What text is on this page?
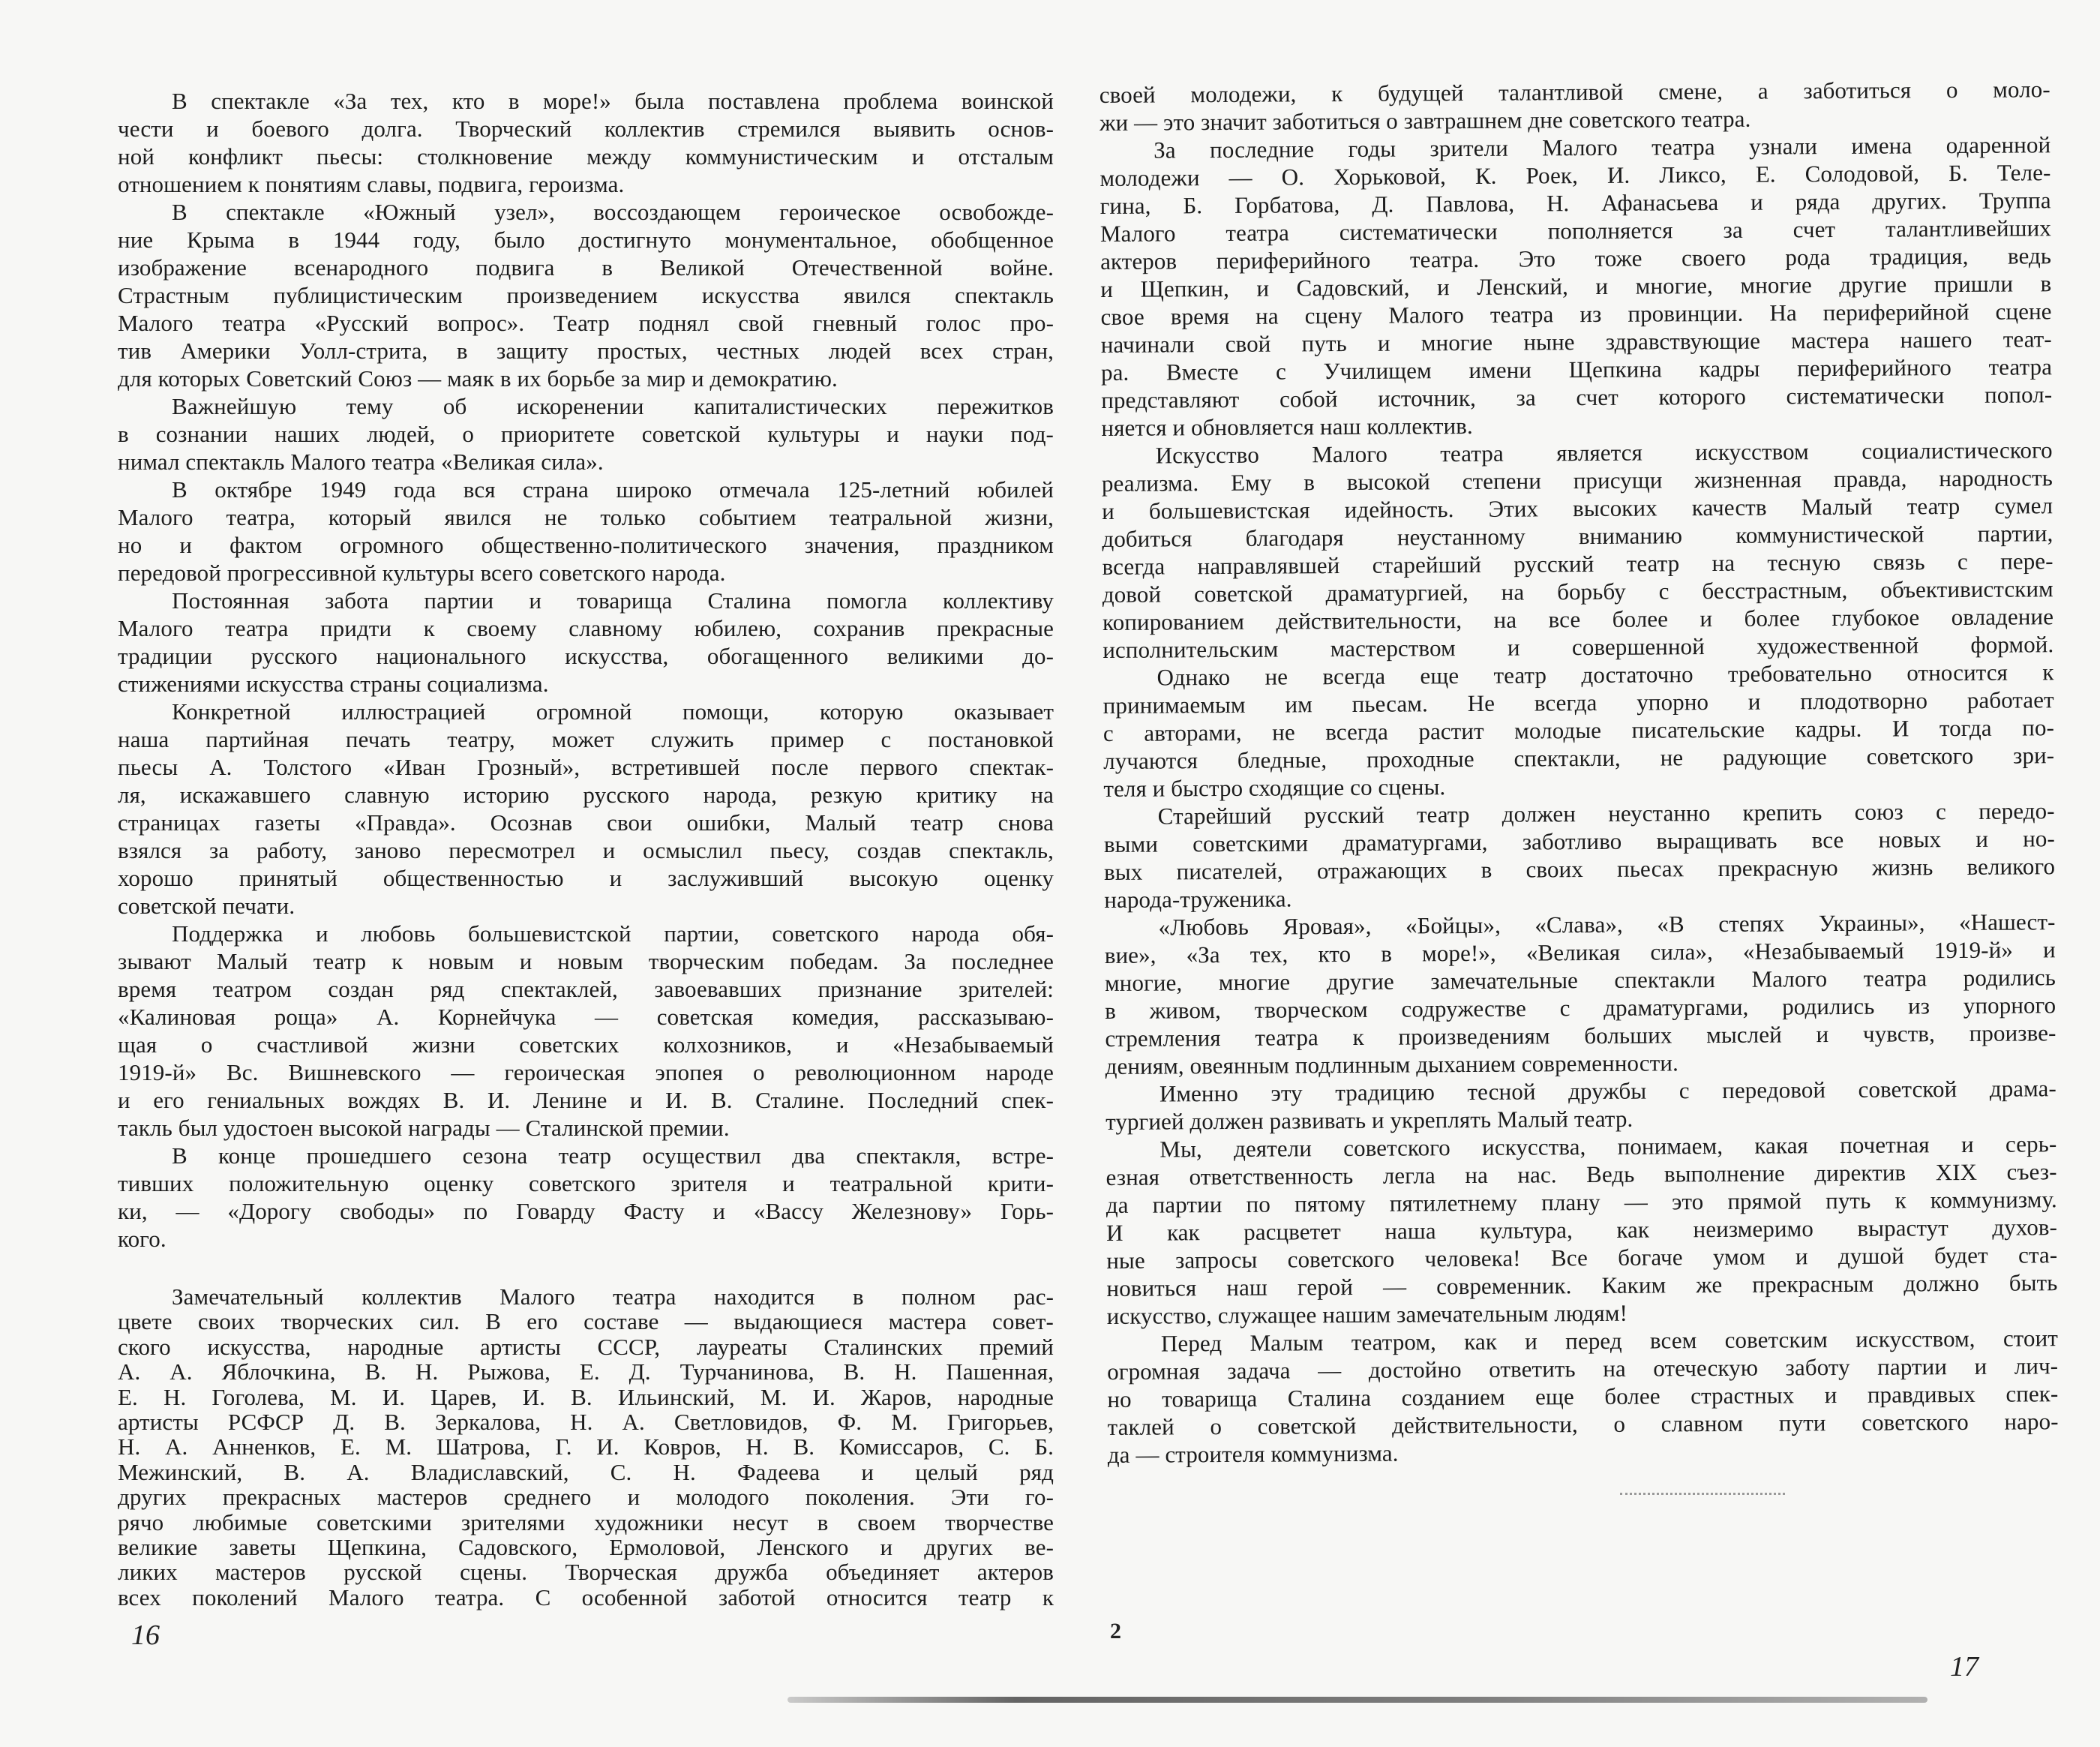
В спектакле «За тех, кто в море!» была поставлена проблема воинской
чести и боевого долга. Творческий коллектив стремился выявить основ-
ной конфликт пьесы: столкновение между коммунистическим и отсталым
отношением к понятиям славы, подвига, героизма.
В спектакле «Южный узел», воссоздающем героическое освобожде-
ние Крыма в 1944 году, было достигнуто монументальное, обобщенное
изображение всенародного подвига в Великой Отечественной войне.
Страстным публицистическим произведением искусства явился спектакль
Малого театра «Русский вопрос». Театр поднял свой гневный голос про-
тив Америки Уолл-стрита, в защиту простых, честных людей всех стран,
для которых Советский Союз — маяк в их борьбе за мир и демократию.
Важнейшую тему об искоренении капиталистических пережитков
в сознании наших людей, о приоритете советской культуры и науки под-
нимал спектакль Малого театра «Великая сила».
В октябре 1949 года вся страна широко отмечала 125-летний юбилей
Малого театра, который явился не только событием театральной жизни,
но и фактом огромного общественно-политического значения, праздником
передовой прогрессивной культуры всего советского народа.
Постоянная забота партии и товарища Сталина помогла коллективу
Малого театра придти к своему славному юбилею, сохранив прекрасные
традиции русского национального искусства, обогащенного великими до-
стижениями искусства страны социализма.
Конкретной иллюстрацией огромной помощи, которую оказывает
наша партийная печать театру, может служить пример с постановкой
пьесы А. Толстого «Иван Грозный», встретившей после первого спектак-
ля, искажавшего славную историю русского народа, резкую критику на
страницах газеты «Правда». Осознав свои ошибки, Малый театр снова
взялся за работу, заново пересмотрел и осмыслил пьесу, создав спектакль,
хорошо принятый общественностью и заслуживший высокую оценку
советской печати.
Поддержка и любовь большевистской партии, советского народа обя-
зывают Малый театр к новым и новым творческим победам. За последнее
время театром создан ряд спектаклей, завоевавших признание зрителей:
«Калиновая роща» А. Корнейчука — советская комедия, рассказываю-
щая о счастливой жизни советских колхозников, и «Незабываемый
1919-й» Вс. Вишневского — героическая эпопея о революционном народе
и его гениальных вождях В. И. Ленине и И. В. Сталине. Последний спек-
такль был удостоен высокой награды — Сталинской премии.
В конце прошедшего сезона театр осуществил два спектакля, встре-
тивших положительную оценку советского зрителя и театральной крити-
ки, — «Дорогу свободы» по Говарду Фасту и «Вассу Железнову» Горь-
кого.
Замечательный коллектив Малого театра находится в полном рас-
цвете своих творческих сил. В его составе — выдающиеся мастера совет-
ского искусства, народные артисты СССР, лауреаты Сталинских премий
А. А. Яблочкина, В. Н. Рыжова, Е. Д. Турчанинова, В. Н. Пашенная,
Е. Н. Гоголева, М. И. Царев, И. В. Ильинский, М. И. Жаров, народные
артисты РСФСР Д. В. Зеркалова, Н. А. Светловидов, Ф. М. Григорьев,
Н. А. Анненков, Е. М. Шатрова, Г. И. Ковров, Н. В. Комиссаров, С. Б.
Межинский, В. А. Владиславский, С. Н. Фадеева и целый ряд
других прекрасных мастеров среднего и молодого поколения. Эти го-
рячо любимые советскими зрителями художники несут в своем творчестве
великие заветы Щепкина, Садовского, Ермоловой, Ленского и других ве-
ликих мастеров русской сцены. Творческая дружба объединяет актеров
всех поколений Малого театра. С особенной заботой относится театр к
своей молодежи, к будущей талантливой смене, а заботиться о моло-
жи — это значит заботиться о завтрашнем дне советского театра.
За последние годы зрители Малого театра узнали имена одаренной
молодежи — О. Хорьковой, К. Роек, И. Ликсо, Е. Солодовой, Б. Теле-
гина, Б. Горбатова, Д. Павлова, Н. Афанасьева и ряда других. Труппа
Малого театра систематически пополняется за счет талантливейших
актеров периферийного театра. Это тоже своего рода традиция, ведь
и Щепкин, и Садовский, и Ленский, и многие, многие другие пришли в
свое время на сцену Малого театра из провинции. На периферийной сцене
начинали свой путь и многие ныне здравствующие мастера нашего теат-
ра. Вместе с Училищем имени Щепкина кадры периферийного театра
представляют собой источник, за счет которого систематически попол-
няется и обновляется наш коллектив.
Искусство Малого театра является искусством социалистического
реализма. Ему в высокой степени присущи жизненная правда, народность
и большевистская идейность. Этих высоких качеств Малый театр сумел
добиться благодаря неустанному вниманию коммунистической партии,
всегда направлявшей старейший русский театр на тесную связь с пере-
довой советской драматургией, на борьбу с бесстрастным, объективистским
копированием действительности, на все более и более глубокое овладение
исполнительским мастерством и совершенной художественной формой.
Однако не всегда еще театр достаточно требовательно относится к
принимаемым им пьесам. Не всегда упорно и плодотворно работает
с авторами, не всегда растит молодые писательские кадры. И тогда по-
лучаются бледные, проходные спектакли, не радующие советского зри-
теля и быстро сходящие со сцены.
Старейший русский театр должен неустанно крепить союз с передо-
выми советскими драматургами, заботливо выращивать все новых и но-
вых писателей, отражающих в своих пьесах прекрасную жизнь великого
народа-труженика.
«Любовь Яровая», «Бойцы», «Слава», «В степях Украины», «Нашест-
вие», «За тех, кто в море!», «Великая сила», «Незабываемый 1919-й» и
многие, многие другие замечательные спектакли Малого театра родились
в живом, творческом содружестве с драматургами, родились из упорного
стремления театра к произведениям больших мыслей и чувств, произве-
дениям, овеянным подлинным дыханием современности.
Именно эту традицию тесной дружбы с передовой советской драма-
тургией должен развивать и укреплять Малый театр.
Мы, деятели советского искусства, понимаем, какая почетная и серь-
езная ответственность легла на нас. Ведь выполнение директив XIX съез-
да партии по пятому пятилетнему плану — это прямой путь к коммунизму.
И как расцветет наша культура, как неизмеримо вырастут духов-
ные запросы советского человека! Все богаче умом и душой будет ста-
новиться наш герой — современник. Каким же прекрасным должно быть
искусство, служащее нашим замечательным людям!
Перед Малым театром, как и перед всем советским искусством, стоит
огромная задача — достойно ответить на отеческую заботу партии и лич-
но товарища Сталина созданием еще более страстных и правдивых спек-
таклей о советской действительности, о славном пути советского наро-
да — строителя коммунизма.
16	2
17
